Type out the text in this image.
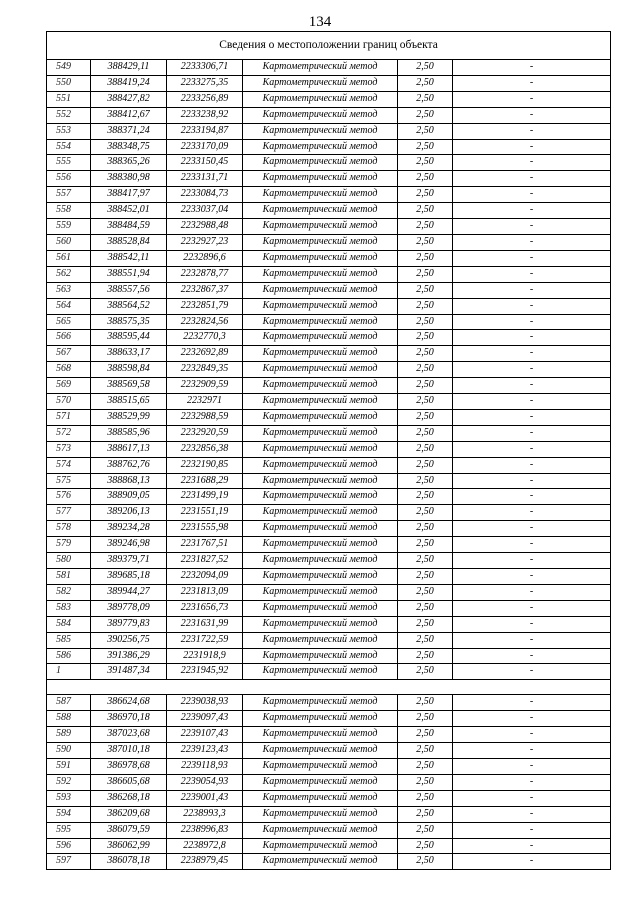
134
Сведения о местоположении границ объекта					
549	388429,11	2233306,71	Картометрический метод	2,50	-
550	388419,24	2233275,35	Картометрический метод	2,50	-
551	388427,82	2233256,89	Картометрический метод	2,50	-
552	388412,67	2233238,92	Картометрический метод	2,50	-
553	388371,24	2233194,87	Картометрический метод	2,50	-
554	388348,75	2233170,09	Картометрический метод	2,50	-
555	388365,26	2233150,45	Картометрический метод	2,50	-
556	388380,98	2233131,71	Картометрический метод	2,50	-
557	388417,97	2233084,73	Картометрический метод	2,50	-
558	388452,01	2233037,04	Картометрический метод	2,50	-
559	388484,59	2232988,48	Картометрический метод	2,50	-
560	388528,84	2232927,23	Картометрический метод	2,50	-
561	388542,11	2232896,6	Картометрический метод	2,50	-
562	388551,94	2232878,77	Картометрический метод	2,50	-
563	388557,56	2232867,37	Картометрический метод	2,50	-
564	388564,52	2232851,79	Картометрический метод	2,50	-
565	388575,35	2232824,56	Картометрический метод	2,50	-
566	388595,44	2232770,3	Картометрический метод	2,50	-
567	388633,17	2232692,89	Картометрический метод	2,50	-
568	388598,84	2232849,35	Картометрический метод	2,50	-
569	388569,58	2232909,59	Картометрический метод	2,50	-
570	388515,65	2232971	Картометрический метод	2,50	-
571	388529,99	2232988,59	Картометрический метод	2,50	-
572	388585,96	2232920,59	Картометрический метод	2,50	-
573	388617,13	2232856,38	Картометрический метод	2,50	-
574	388762,76	2232190,85	Картометрический метод	2,50	-
575	388868,13	2231688,29	Картометрический метод	2,50	-
576	388909,05	2231499,19	Картометрический метод	2,50	-
577	389206,13	2231551,19	Картометрический метод	2,50	-
578	389234,28	2231555,98	Картометрический метод	2,50	-
579	389246,98	2231767,51	Картометрический метод	2,50	-
580	389379,71	2231827,52	Картометрический метод	2,50	-
581	389685,18	2232094,09	Картометрический метод	2,50	-
582	389944,27	2231813,09	Картометрический метод	2,50	-
583	389778,09	2231656,73	Картометрический метод	2,50	-
584	389779,83	2231631,99	Картометрический метод	2,50	-
585	390256,75	2231722,59	Картометрический метод	2,50	-
586	391386,29	2231918,9	Картометрический метод	2,50	-
1	391487,34	2231945,92	Картометрический метод	2,50	-

587	386624,68	2239038,93	Картометрический метод	2,50	-
588	386970,18	2239097,43	Картометрический метод	2,50	-
589	387023,68	2239107,43	Картометрический метод	2,50	-
590	387010,18	2239123,43	Картометрический метод	2,50	-
591	386978,68	2239118,93	Картометрический метод	2,50	-
592	386605,68	2239054,93	Картометрический метод	2,50	-
593	386268,18	2239001,43	Картометрический метод	2,50	-
594	386209,68	2238993,3	Картометрический метод	2,50	-
595	386079,59	2238996,83	Картометрический метод	2,50	-
596	386062,99	2238972,8	Картометрический метод	2,50	-
597	386078,18	2238979,45	Картометрический метод	2,50	-
